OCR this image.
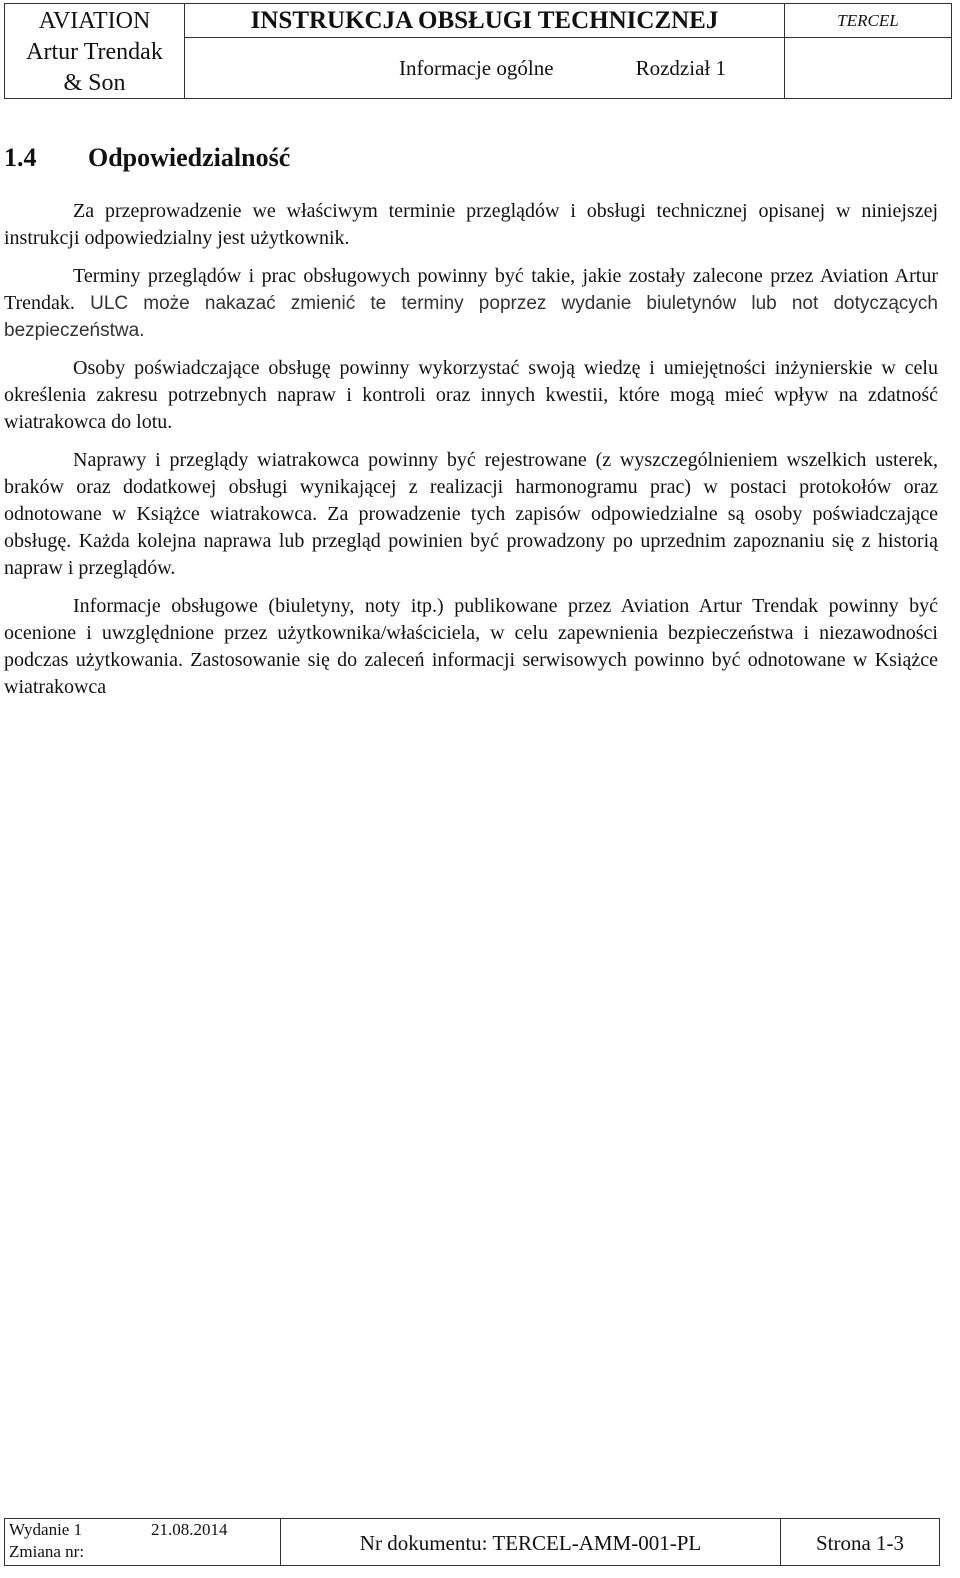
AVIATION
Artur Trendak
& Son
INSTRUKCJA OBSŁUGI TECHNICZNEJ	TERCEL
Informacje ogólne	Rozdział 1
1.4 Odpowiedzialność

Za przeprowadzenie we właściwym terminie przeglądów i obsługi technicznej opisanej w niniejszej instrukcji odpowiedzialny jest użytkownik.

Terminy przeglądów i prac obsługowych powinny być takie, jakie zostały zalecone przez Aviation Artur Trendak. ULC może nakazać zmienić te terminy poprzez wydanie biuletynów lub not dotyczących bezpieczeństwa.

Osoby poświadczające obsługę powinny wykorzystać swoją wiedzę i umiejętności inżynierskie w celu określenia zakresu potrzebnych napraw i kontroli oraz innych kwestii, które mogą mieć wpływ na zdatność wiatrakowca do lotu.

Naprawy i przeglądy wiatrakowca powinny być rejestrowane (z wyszczególnieniem wszelkich usterek, braków oraz dodatkowej obsługi wynikającej z realizacji harmonogramu prac) w postaci protokołów oraz odnotowane w Książce wiatrakowca. Za prowadzenie tych zapisów odpowiedzialne są osoby poświadczające obsługę. Każda kolejna naprawa lub przegląd powinien być prowadzony po uprzednim zapoznaniu się z historią napraw i przeglądów.

Informacje obsługowe (biuletyny, noty itp.) publikowane przez Aviation Artur Trendak powinny być ocenione i uwzględnione przez użytkownika/właściciela, w celu zapewnienia bezpieczeństwa i niezawodności podczas użytkowania. Zastosowanie się do zaleceń informacji serwisowych powinno być odnotowane w Książce wiatrakowca

Wydanie 1	21.08.2014
Zmiana nr:	Nr dokumentu: TERCEL-AMM-001-PL	Strona 1-3
